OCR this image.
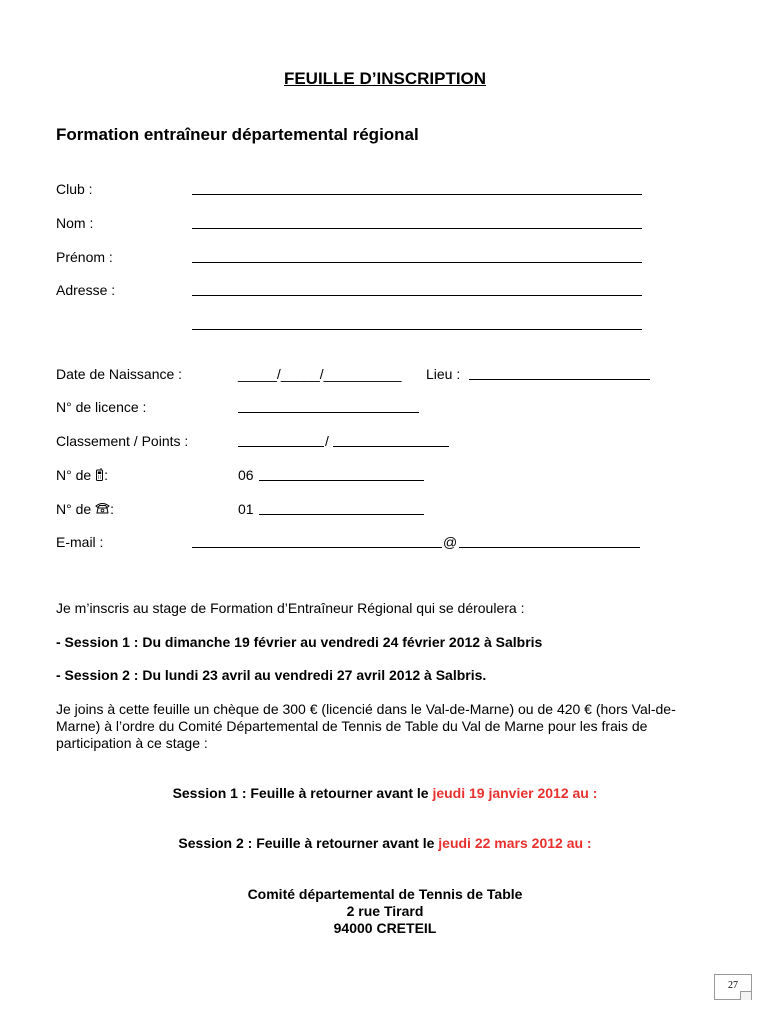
FEUILLE D’INSCRIPTION
Formation entraîneur départemental régional
Club :
Nom :
Prénom :
Adresse :
Date de Naissance :	_____/_____/__________ Lieu :
N° de licence :
Classement / Points :	/
N° de :	06
N° de :	01
E-mail :	@
Je m’inscris au stage de Formation d’Entraîneur Régional qui se déroulera :
- Session 1 : Du dimanche 19 février au vendredi 24 février 2012 à Salbris
- Session 2 : Du lundi 23 avril au vendredi 27 avril 2012 à Salbris.
Je joins à cette feuille un chèque de 300 € (licencié dans le Val-de-Marne) ou de 420 € (hors Val-de-Marne) à l’ordre du Comité Départemental de Tennis de Table du Val de Marne pour les frais de participation à ce stage :
Session 1 : Feuille à retourner avant le jeudi 19 janvier 2012 au :
Session 2 : Feuille à retourner avant le jeudi 22 mars 2012 au :
Comité départemental de Tennis de Table
2 rue Tirard
94000 CRETEIL
27
